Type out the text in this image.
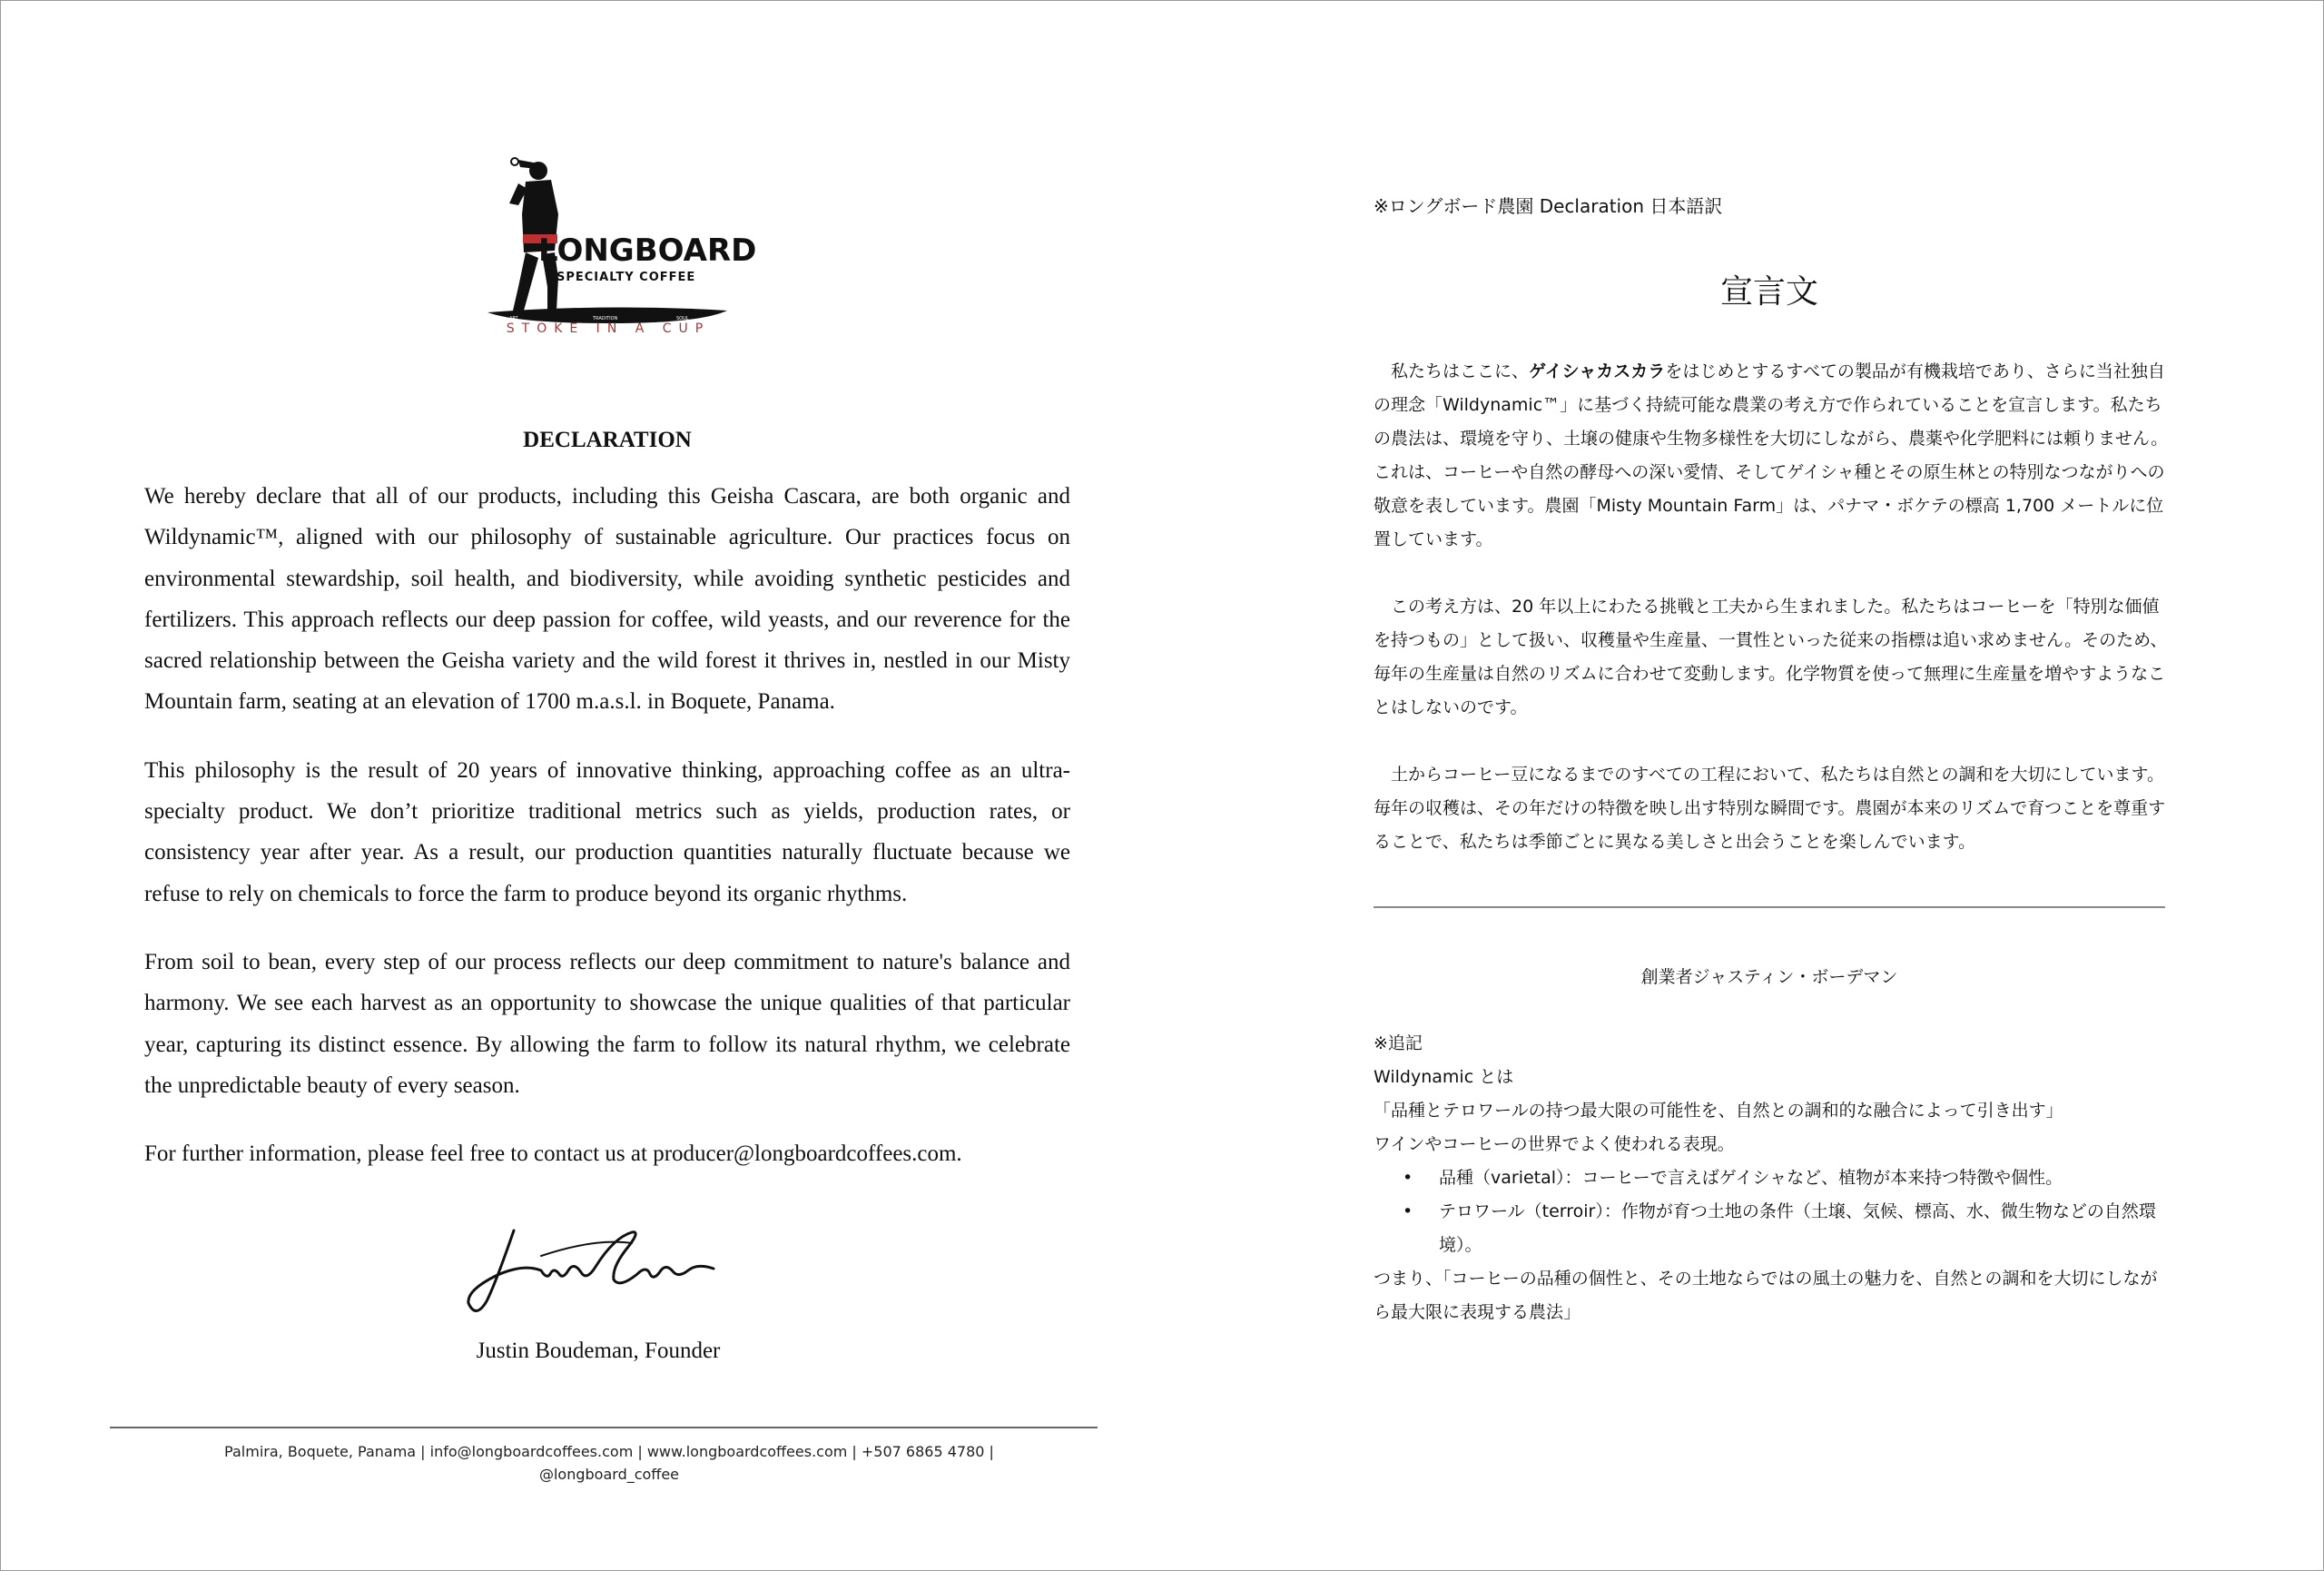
ART	TRADITION	SOUL
LONGBOARD
SPECIALTY COFFEE
STOKE IN A CUP
DECLARATION

We hereby declare that all of our products, including this Geisha Cascara, are both organic and Wildynamic™, aligned with our philosophy of sustainable agriculture. Our practices focus on environmental stewardship, soil health, and biodiversity, while avoiding synthetic pesticides and fertilizers. This approach reflects our deep passion for coffee, wild yeasts, and our reverence for the sacred relationship between the Geisha variety and the wild forest it thrives in, nestled in our Misty Mountain farm, seating at an elevation of 1700 m.a.s.l. in Boquete, Panama.

This philosophy is the result of 20 years of innovative thinking, approaching coffee as an ultra-specialty product. We don’t prioritize traditional metrics such as yields, production rates, or consistency year after year. As a result, our production quantities naturally fluctuate because we refuse to rely on chemicals to force the farm to produce beyond its organic rhythms.

From soil to bean, every step of our process reflects our deep commitment to nature's balance and harmony. We see each harvest as an opportunity to showcase the unique qualities of that particular year, capturing its distinct essence. By allowing the farm to follow its natural rhythm, we celebrate the unpredictable beauty of every season.

For further information, please feel free to contact us at producer@longboardcoffees.com.

Justin Boudeman, Founder
Palmira, Boquete, Panama | info@longboardcoffees.com | www.longboardcoffees.com | +507 6865 4780 |
@longboard_coffee
※ロングボード農園 Declaration 日本語訳
宣言文

私たちはここに、ゲイシャカスカラをはじめとするすべての製品が有機栽培であり、さらに当社独自の理念「Wildynamic™」に基づく持続可能な農業の考え方で作られていることを宣言します。私たちの農法は、環境を守り、土壌の健康や生物多様性を大切にしながら、農薬や化学肥料には頼りません。これは、コーヒーや自然の酵母への深い愛情、そしてゲイシャ種とその原生林との特別なつながりへの敬意を表しています。農園「Misty Mountain Farm」は、パナマ・ボケテの標高 1,700 メートルに位置しています。

この考え方は、20 年以上にわたる挑戦と工夫から生まれました。私たちはコーヒーを「特別な価値を持つもの」として扱い、収穫量や生産量、一貫性といった従来の指標は追い求めません。そのため、毎年の生産量は自然のリズムに合わせて変動します。化学物質を使って無理に生産量を増やすようなことはしないのです。

土からコーヒー豆になるまでのすべての工程において、私たちは自然との調和を大切にしています。毎年の収穫は、その年だけの特徴を映し出す特別な瞬間です。農園が本来のリズムで育つことを尊重することで、私たちは季節ごとに異なる美しさと出会うことを楽しんでいます。

創業者ジャスティン・ボーデマン
※追記
Wildynamic とは
「品種とテロワールの持つ最大限の可能性を、自然との調和的な融合によって引き出す」
ワインやコーヒーの世界でよく使われる表現。
• 品種（varietal）：コーヒーで言えばゲイシャなど、植物が本来持つ特徴や個性。
• テロワール（terroir）：作物が育つ土地の条件（土壌、気候、標高、水、微生物などの自然環境）。
つまり、「コーヒーの品種の個性と、その土地ならではの風土の魅力を、自然との調和を大切にしながら最大限に表現する農法」
